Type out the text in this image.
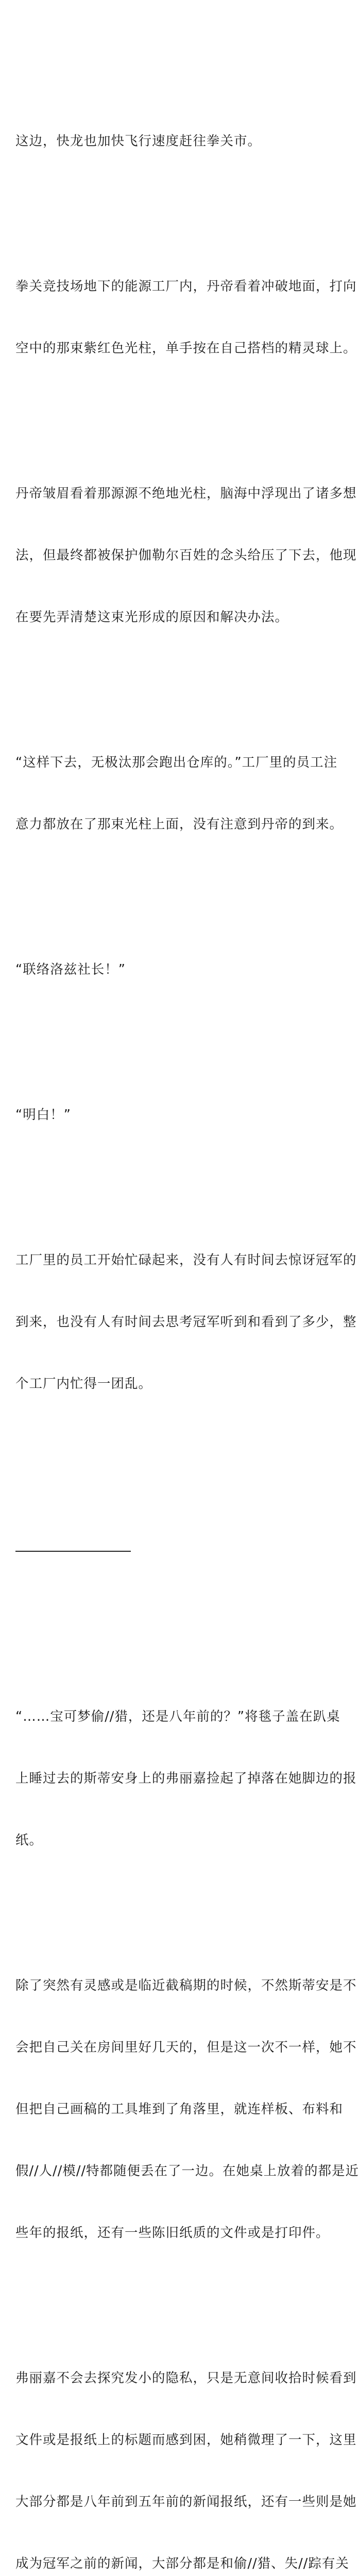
这边，快龙也加快飞行速度赶往拳关市。

拳关竞技场地下的能源工厂内，丹帝看着冲破地面，打向

空中的那束紫红色光柱，单手按在自己搭档的精灵球上。

丹帝皱眉看着那源源不绝地光柱，脑海中浮现出了诸多想

法，但最终都被保护伽勒尔百姓的念头给压了下去，他现

在要先弄清楚这束光形成的原因和解决办法。

“这样下去，无极汰那会跑出仓库的。”工厂里的员工注

意力都放在了那束光柱上面，没有注意到丹帝的到来。

“联络洛兹社长！”

“明白！”

工厂里的员工开始忙碌起来，没有人有时间去惊讶冠军的

到来，也没有人有时间去思考冠军听到和看到了多少，整

个工厂内忙得一团乱。

“……宝可梦偷//猎，还是八年前的？”将毯子盖在趴桌

上睡过去的斯蒂安身上的弗丽嘉捡起了掉落在她脚边的报

纸。

除了突然有灵感或是临近截稿期的时候，不然斯蒂安是不

会把自己关在房间里好几天的，但是这一次不一样，她不

但把自己画稿的工具堆到了角落里，就连样板、布料和

假//人//模//特都随便丢在了一边。在她桌上放着的都是近

些年的报纸，还有一些陈旧纸质的文件或是打印件。

弗丽嘉不会去探究发小的隐私，只是无意间收拾时候看到

文件或是报纸上的标题而感到困，她稍微理了一下，这里

大部分都是八年前到五年前的新闻报纸，还有一些则是她

成为冠军之前的新闻，大部分都是和偷//猎、失//踪有关
